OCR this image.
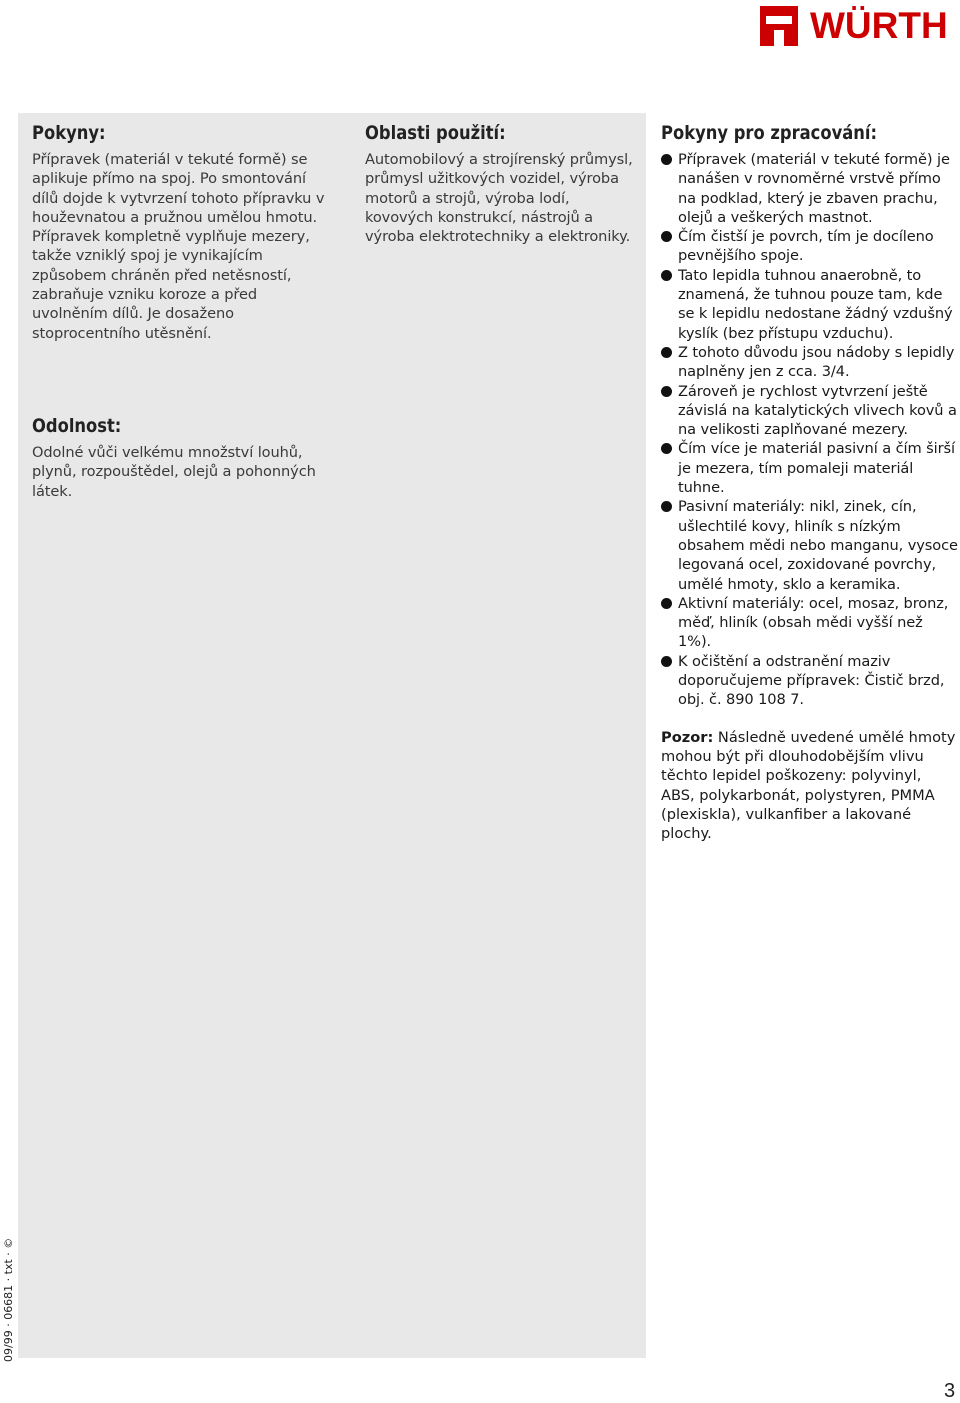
WÜRTH
Pokyny:

Přípravek (materiál v tekuté formě) se aplikuje přímo na spoj. Po smontování dílů dojde k vytvrzení tohoto přípravku v houževnatou a pružnou umělou hmotu. Přípravek kompletně vyplňuje mezery, takže vzniklý spoj je vynikajícím způsobem chráněn před netěsností, zabraňuje vzniku koroze a před uvolněním dílů. Je dosaženo stoprocentního utěsnění.

Odolnost:

Odolné vůči velkému množství louhů, plynů, rozpouštědel, olejů a pohonných látek.

Oblasti použití:

Automobilový a strojírenský průmysl, průmysl užitkových vozidel, výroba motorů a strojů, výroba lodí, kovových konstrukcí, nástrojů a výroba elektrotechniky a elektroniky.

Pokyny pro zpracování:
Přípravek (materiál v tekuté formě) je nanášen v rovnoměrné vrstvě přímo na podklad, který je zbaven prachu, olejů a veškerých mastnot.
Čím čistší je povrch, tím je docíleno pevnějšího spoje.
Tato lepidla tuhnou anaerobně, to znamená, že tuhnou pouze tam, kde se k lepidlu nedostane žádný vzdušný kyslík (bez přístupu vzduchu).
Z tohoto důvodu jsou nádoby s lepidly naplněny jen z cca. 3/4.
Zároveň je rychlost vytvrzení ještě závislá na katalytických vlivech kovů a na velikosti zaplňované mezery.
Čím více je materiál pasivní a čím širší je mezera, tím pomaleji materiál tuhne.
Pasivní materiály: nikl, zinek, cín, ušlechtilé kovy, hliník s nízkým obsahem mědi nebo manganu, vysoce legovaná ocel, zoxidované povrchy, umělé hmoty, sklo a keramika.
Aktivní materiály: ocel, mosaz, bronz, měď, hliník (obsah mědi vyšší než 1%).
K očištění a odstranění maziv doporučujeme přípravek: Čistič brzd, obj. č. 890 108 7.

Pozor: Následně uvedené umělé hmoty mohou být při dlouhodobějším vlivu těchto lepidel poškozeny: polyvinyl, ABS, polykarbonát, polystyren, PMMA (plexiskla), vulkanfiber a lakované plochy.

09/99 · 06681 · txt · ©
3
